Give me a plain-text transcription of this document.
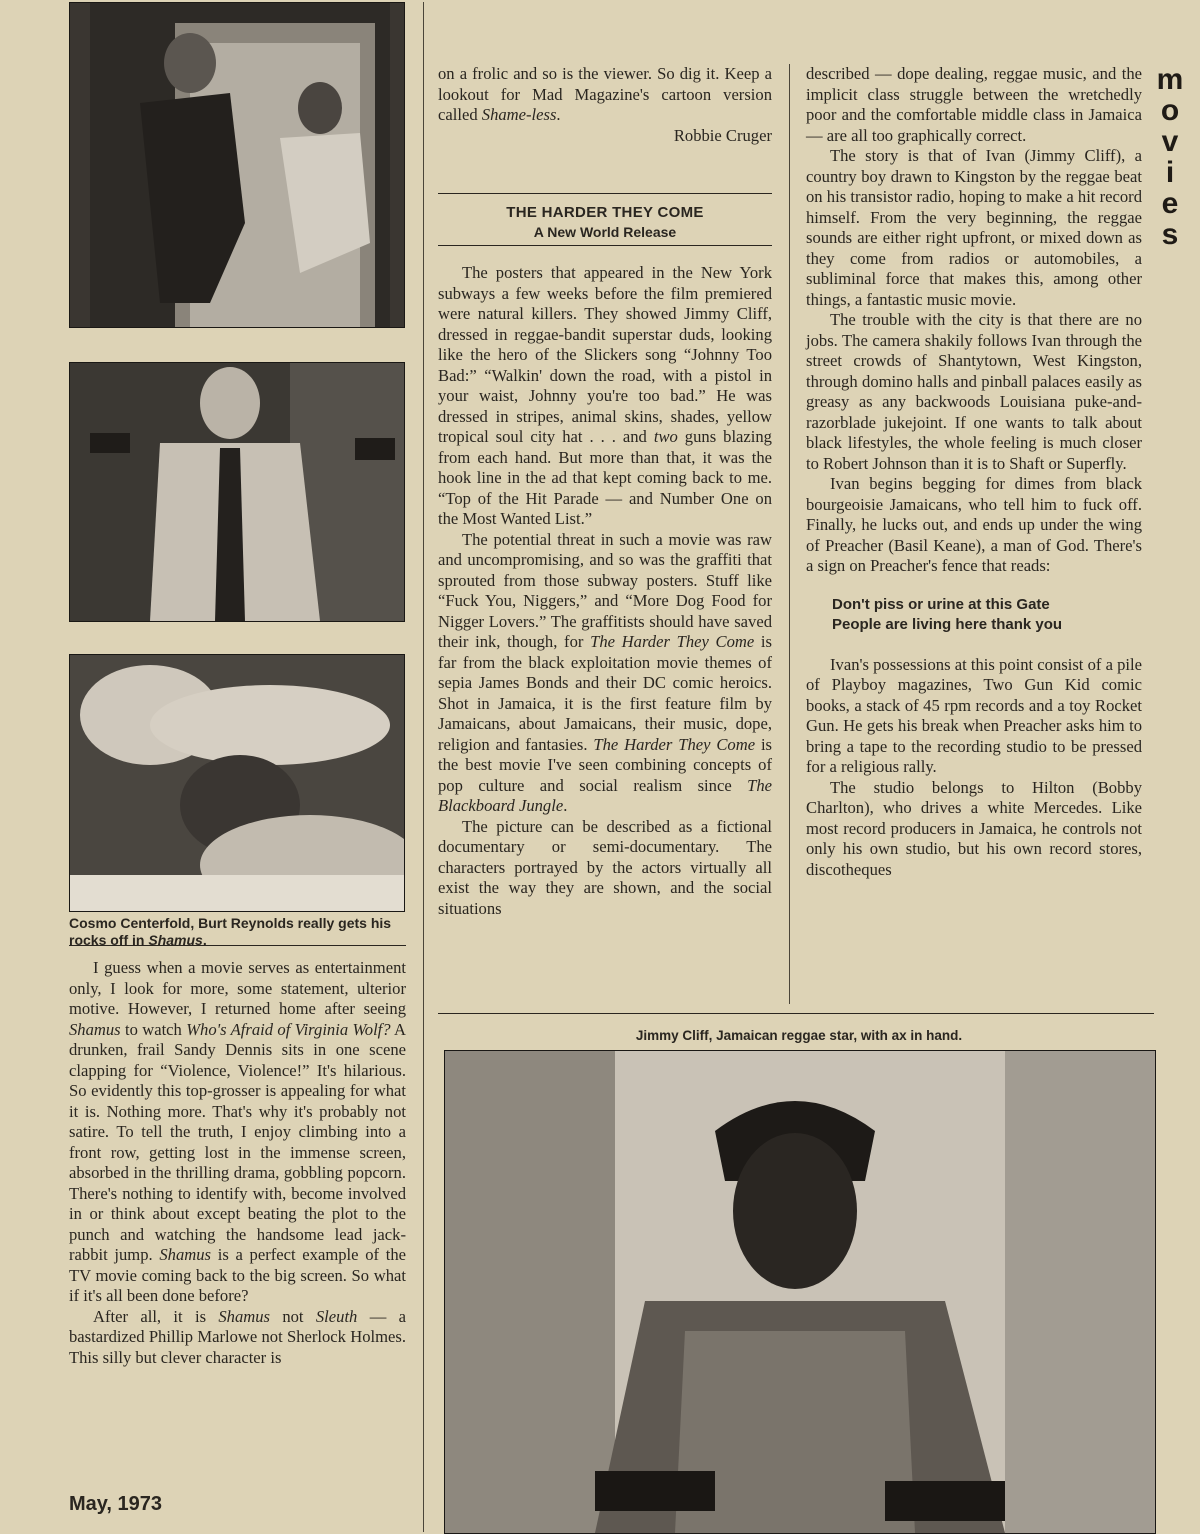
m
o
v
i
e
s
Cosmo Centerfold, Burt Reynolds really gets his rocks off in Shamus.
Jimmy Cliff, Jamaican reggae star, with ax in hand.

I guess when a movie serves as entertainment only, I look for more, some statement, ulterior motive. However, I returned home after seeing Shamus to watch Who's Afraid of Virginia Wolf? A drunken, frail Sandy Dennis sits in one scene clapping for “Violence, Violence!” It's hilarious. So evidently this top-grosser is appealing for what it is. Nothing more. That's why it's probably not satire. To tell the truth, I enjoy climbing into a front row, getting lost in the immense screen, absorbed in the thrilling drama, gobbling popcorn. There's nothing to identify with, become involved in or think about except beating the plot to the punch and watching the handsome lead jack-rabbit jump. Shamus is a perfect example of the TV movie coming back to the big screen. So what if it's all been done before?

After all, it is Shamus not Sleuth — a bastardized Phillip Marlowe not Sherlock Holmes. This silly but clever character is

on a frolic and so is the viewer. So dig it. Keep a lookout for Mad Magazine's cartoon version called Shame-less.

Robbie Cruger

THE HARDER THEY COME
A New World Release

The posters that appeared in the New York subways a few weeks before the film premiered were natural killers. They showed Jimmy Cliff, dressed in reggae-bandit superstar duds, looking like the hero of the Slickers song “Johnny Too Bad:” “Walkin' down the road, with a pistol in your waist, Johnny you're too bad.” He was dressed in stripes, animal skins, shades, yellow tropical soul city hat . . . and two guns blazing from each hand. But more than that, it was the hook line in the ad that kept coming back to me. “Top of the Hit Parade — and Number One on the Most Wanted List.”

The potential threat in such a movie was raw and uncompromising, and so was the graffiti that sprouted from those subway posters. Stuff like “Fuck You, Niggers,” and “More Dog Food for Nigger Lovers.” The graffitists should have saved their ink, though, for The Harder They Come is far from the black exploitation movie themes of sepia James Bonds and their DC comic heroics. Shot in Jamaica, it is the first feature film by Jamaicans, about Jamaicans, their music, dope, religion and fantasies. The Harder They Come is the best movie I've seen combining concepts of pop culture and social realism since The Blackboard Jungle.

The picture can be described as a fictional documentary or semi-documentary. The characters portrayed by the actors virtually all exist the way they are shown, and the social situations

described — dope dealing, reggae music, and the implicit class struggle between the wretchedly poor and the comfortable middle class in Jamaica — are all too graphically correct.

The story is that of Ivan (Jimmy Cliff), a country boy drawn to Kingston by the reggae beat on his transistor radio, hoping to make a hit record himself. From the very beginning, the reggae sounds are either right upfront, or mixed down as they come from radios or automobiles, a subliminal force that makes this, among other things, a fantastic music movie.

The trouble with the city is that there are no jobs. The camera shakily follows Ivan through the street crowds of Shantytown, West Kingston, through domino halls and pinball palaces easily as greasy as any backwoods Louisiana puke-and-razorblade jukejoint. If one wants to talk about black lifestyles, the whole feeling is much closer to Robert Johnson than it is to Shaft or Superfly.

Ivan begins begging for dimes from black bourgeoisie Jamaicans, who tell him to fuck off. Finally, he lucks out, and ends up under the wing of Preacher (Basil Keane), a man of God. There's a sign on Preacher's fence that reads:

Don't piss or urine at this Gate
People are living here thank you

Ivan's possessions at this point consist of a pile of Playboy magazines, Two Gun Kid comic books, a stack of 45 rpm records and a toy Rocket Gun. He gets his break when Preacher asks him to bring a tape to the recording studio to be pressed for a religious rally.

The studio belongs to Hilton (Bobby Charlton), who drives a white Mercedes. Like most record producers in Jamaica, he controls not only his own studio, but his own record stores, discotheques

May, 1973
